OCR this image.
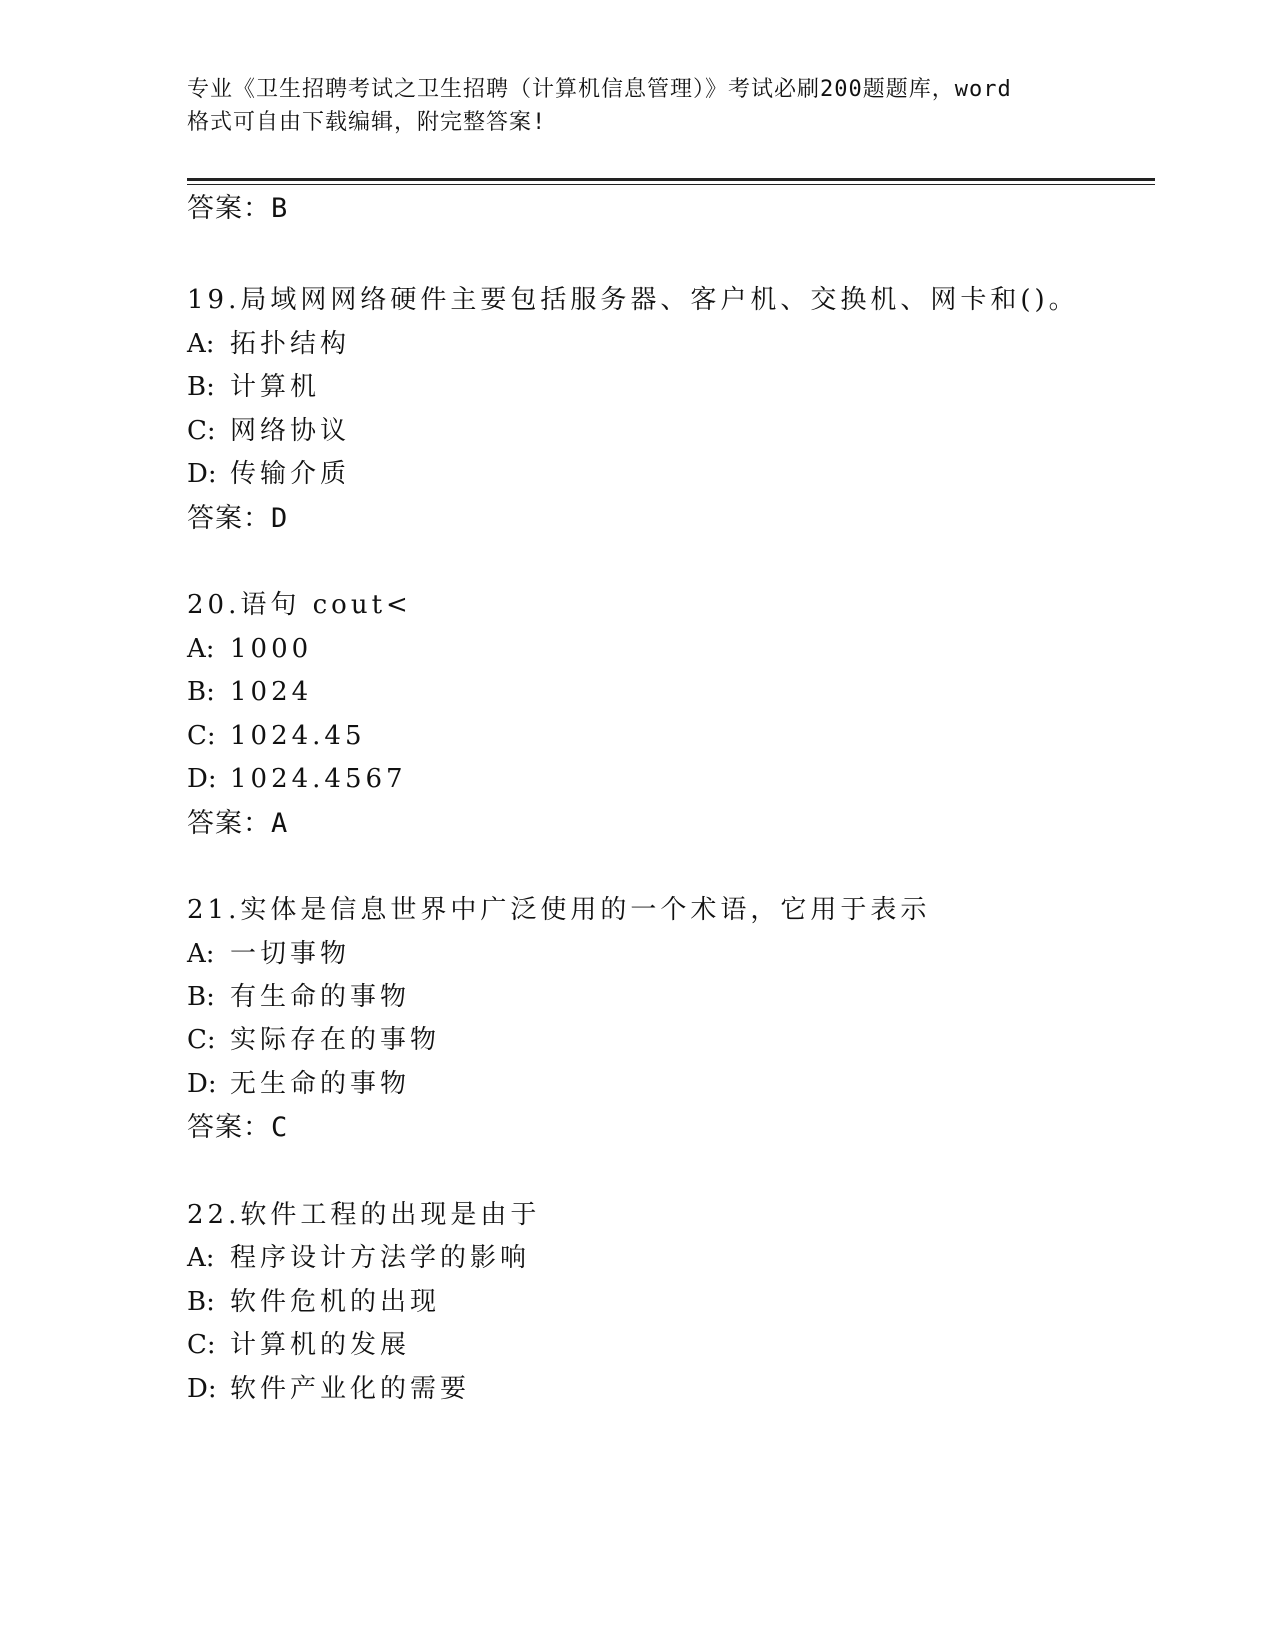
专业《卫生招聘考试之卫生招聘（计算机信息管理）》考试必刷200题题库，word
格式可自由下载编辑，附完整答案!
答案：B
19.局域网网络硬件主要包括服务器、客户机、交换机、网卡和()。
A: 拓扑结构
B: 计算机
C: 网络协议
D: 传输介质
答案：D
20.语句 cout<
A: 1000
B: 1024
C: 1024.45
D: 1024.4567
答案：A
21.实体是信息世界中广泛使用的一个术语，它用于表示
A: 一切事物
B: 有生命的事物
C: 实际存在的事物
D: 无生命的事物
答案：C
22.软件工程的出现是由于
A: 程序设计方法学的影响
B: 软件危机的出现
C: 计算机的发展
D: 软件产业化的需要
